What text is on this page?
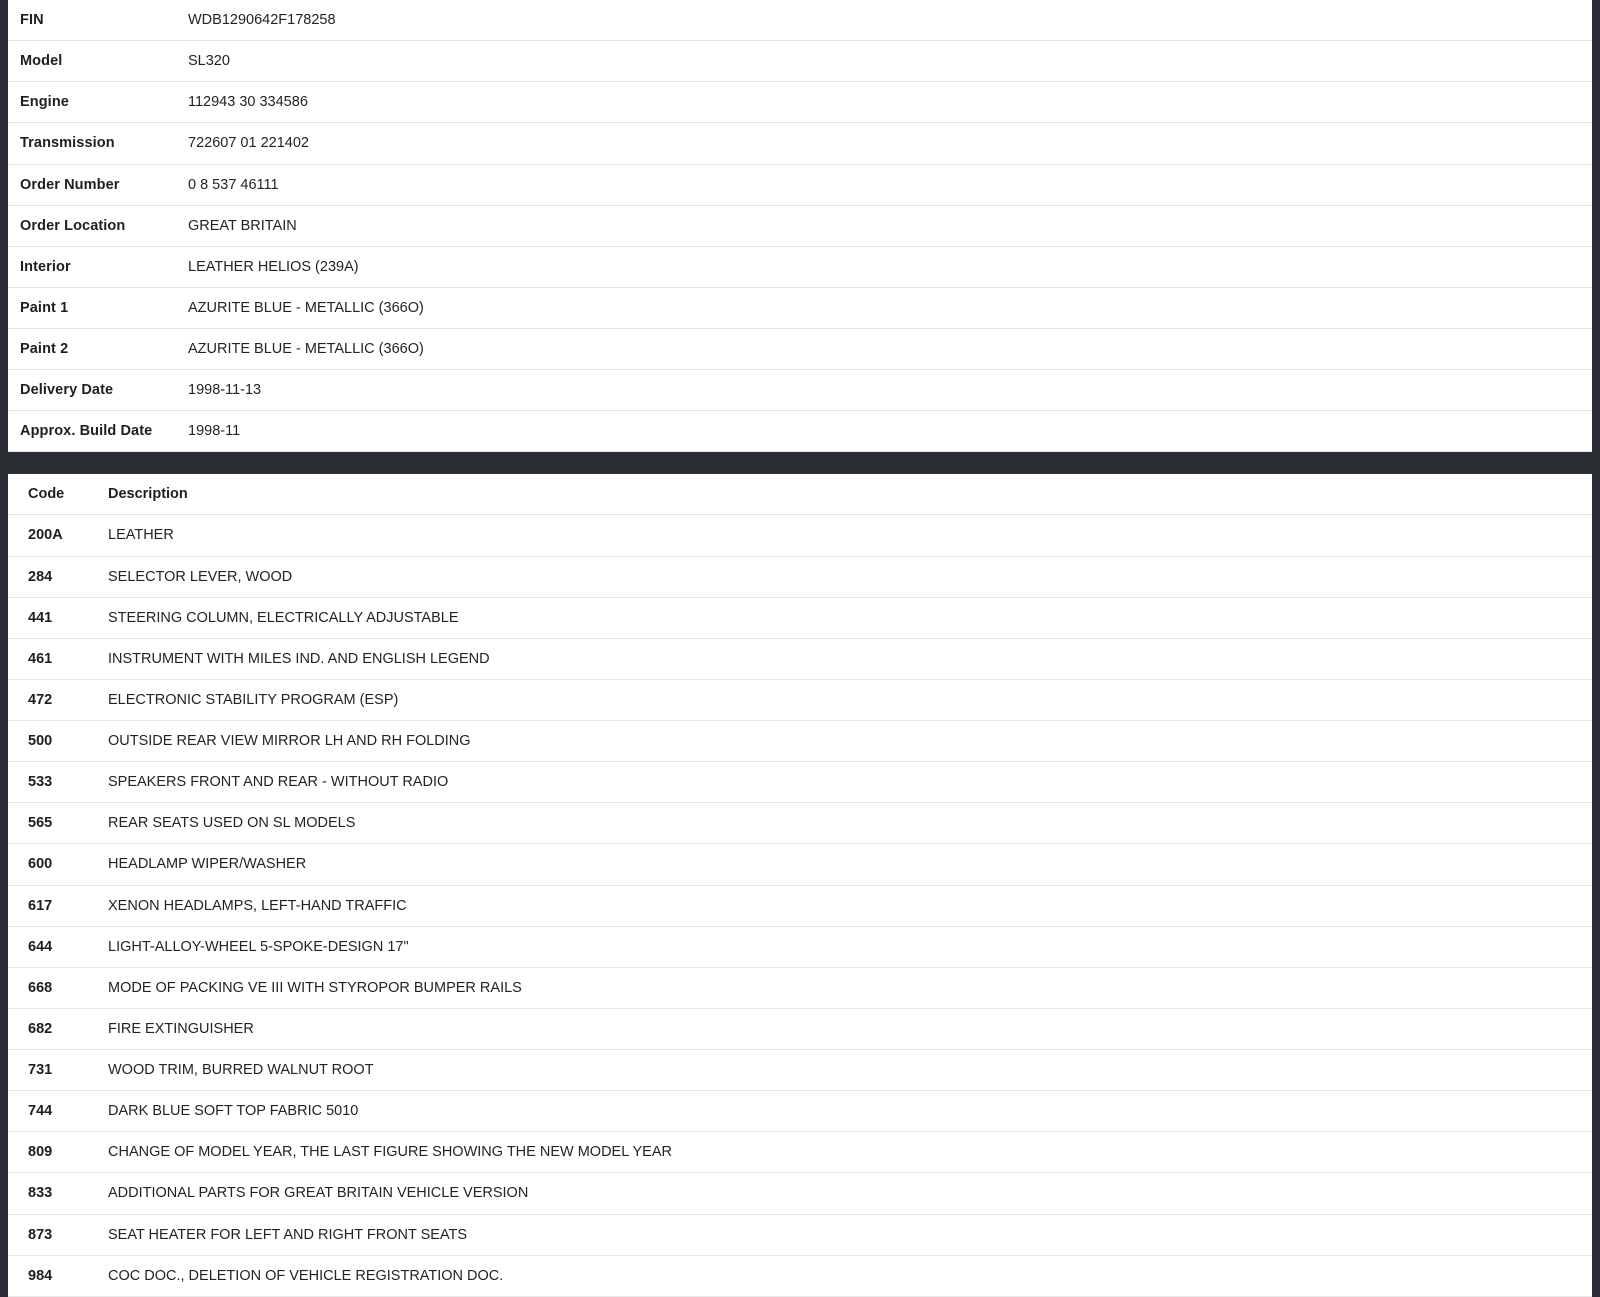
FIN	WDB1290642F178258
Model	SL320
Engine	112943 30 334586
Transmission	722607 01 221402
Order Number	0 8 537 46111
Order Location	GREAT BRITAIN
Interior	LEATHER HELIOS (239A)
Paint 1	AZURITE BLUE - METALLIC (366O)
Paint 2	AZURITE BLUE - METALLIC (366O)
Delivery Date	1998-11-13
Approx. Build Date	1998-11
Code	Description
200A	LEATHER
284	SELECTOR LEVER, WOOD
441	STEERING COLUMN, ELECTRICALLY ADJUSTABLE
461	INSTRUMENT WITH MILES IND. AND ENGLISH LEGEND
472	ELECTRONIC STABILITY PROGRAM (ESP)
500	OUTSIDE REAR VIEW MIRROR LH AND RH FOLDING
533	SPEAKERS FRONT AND REAR - WITHOUT RADIO
565	REAR SEATS USED ON SL MODELS
600	HEADLAMP WIPER/WASHER
617	XENON HEADLAMPS, LEFT-HAND TRAFFIC
644	LIGHT-ALLOY-WHEEL 5-SPOKE-DESIGN 17"
668	MODE OF PACKING VE III WITH STYROPOR BUMPER RAILS
682	FIRE EXTINGUISHER
731	WOOD TRIM, BURRED WALNUT ROOT
744	DARK BLUE SOFT TOP FABRIC 5010
809	CHANGE OF MODEL YEAR, THE LAST FIGURE SHOWING THE NEW MODEL YEAR
833	ADDITIONAL PARTS FOR GREAT BRITAIN VEHICLE VERSION
873	SEAT HEATER FOR LEFT AND RIGHT FRONT SEATS
984	COC DOC., DELETION OF VEHICLE REGISTRATION DOC.
